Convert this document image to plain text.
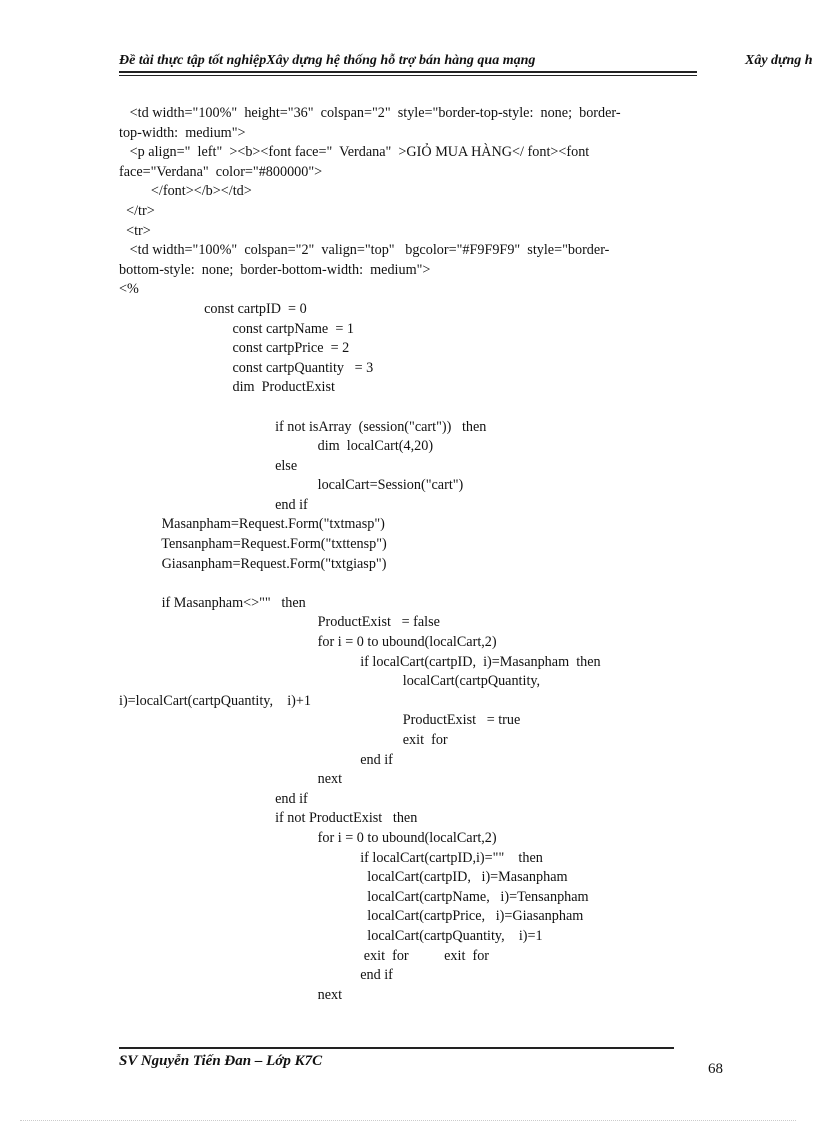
Đề tài thực tập tốt nghiệpXây dựng hệ thống hỗ trợ bán hàng qua mạng	Xây dựng h
<td width="100%"  height="36"  colspan="2"  style="border-top-style:  none;  border-
top-width:  medium">
<p align="  left"  ><b><font face="  Verdana"  >GIỎ MUA HÀNG</ font><font
face="Verdana"  color="#800000">
</font></b></td>
</tr>
<tr>
<td width="100%"  colspan="2"  valign="top"   bgcolor="#F9F9F9"  style="border-
bottom-style:  none;  border-bottom-width:  medium">
<%
const cartpID  = 0
const cartpName  = 1
const cartpPrice  = 2
const cartpQuantity   = 3
dim  ProductExist
if not isArray  (session("cart"))   then
dim  localCart(4,20)
else
localCart=Session("cart")
end if
Masanpham=Request.Form("txtmasp")
Tensanpham=Request.Form("txttensp")
Giasanpham=Request.Form("txtgiasp")
if Masanpham<>""   then
ProductExist   = false
for i = 0 to ubound(localCart,2)
if localCart(cartpID,  i)=Masanpham  then
localCart(cartpQuantity,
i)=localCart(cartpQuantity,    i)+1
ProductExist   = true
exit  for
end if
next
end if
if not ProductExist   then
for i = 0 to ubound(localCart,2)
if localCart(cartpID,i)=""    then
localCart(cartpID,   i)=Masanpham
localCart(cartpName,   i)=Tensanpham
localCart(cartpPrice,   i)=Giasanpham
localCart(cartpQuantity,    i)=1
exit  for          exit  for
end if
next
SV Nguyễn Tiến Đan – Lớp K7C	68
